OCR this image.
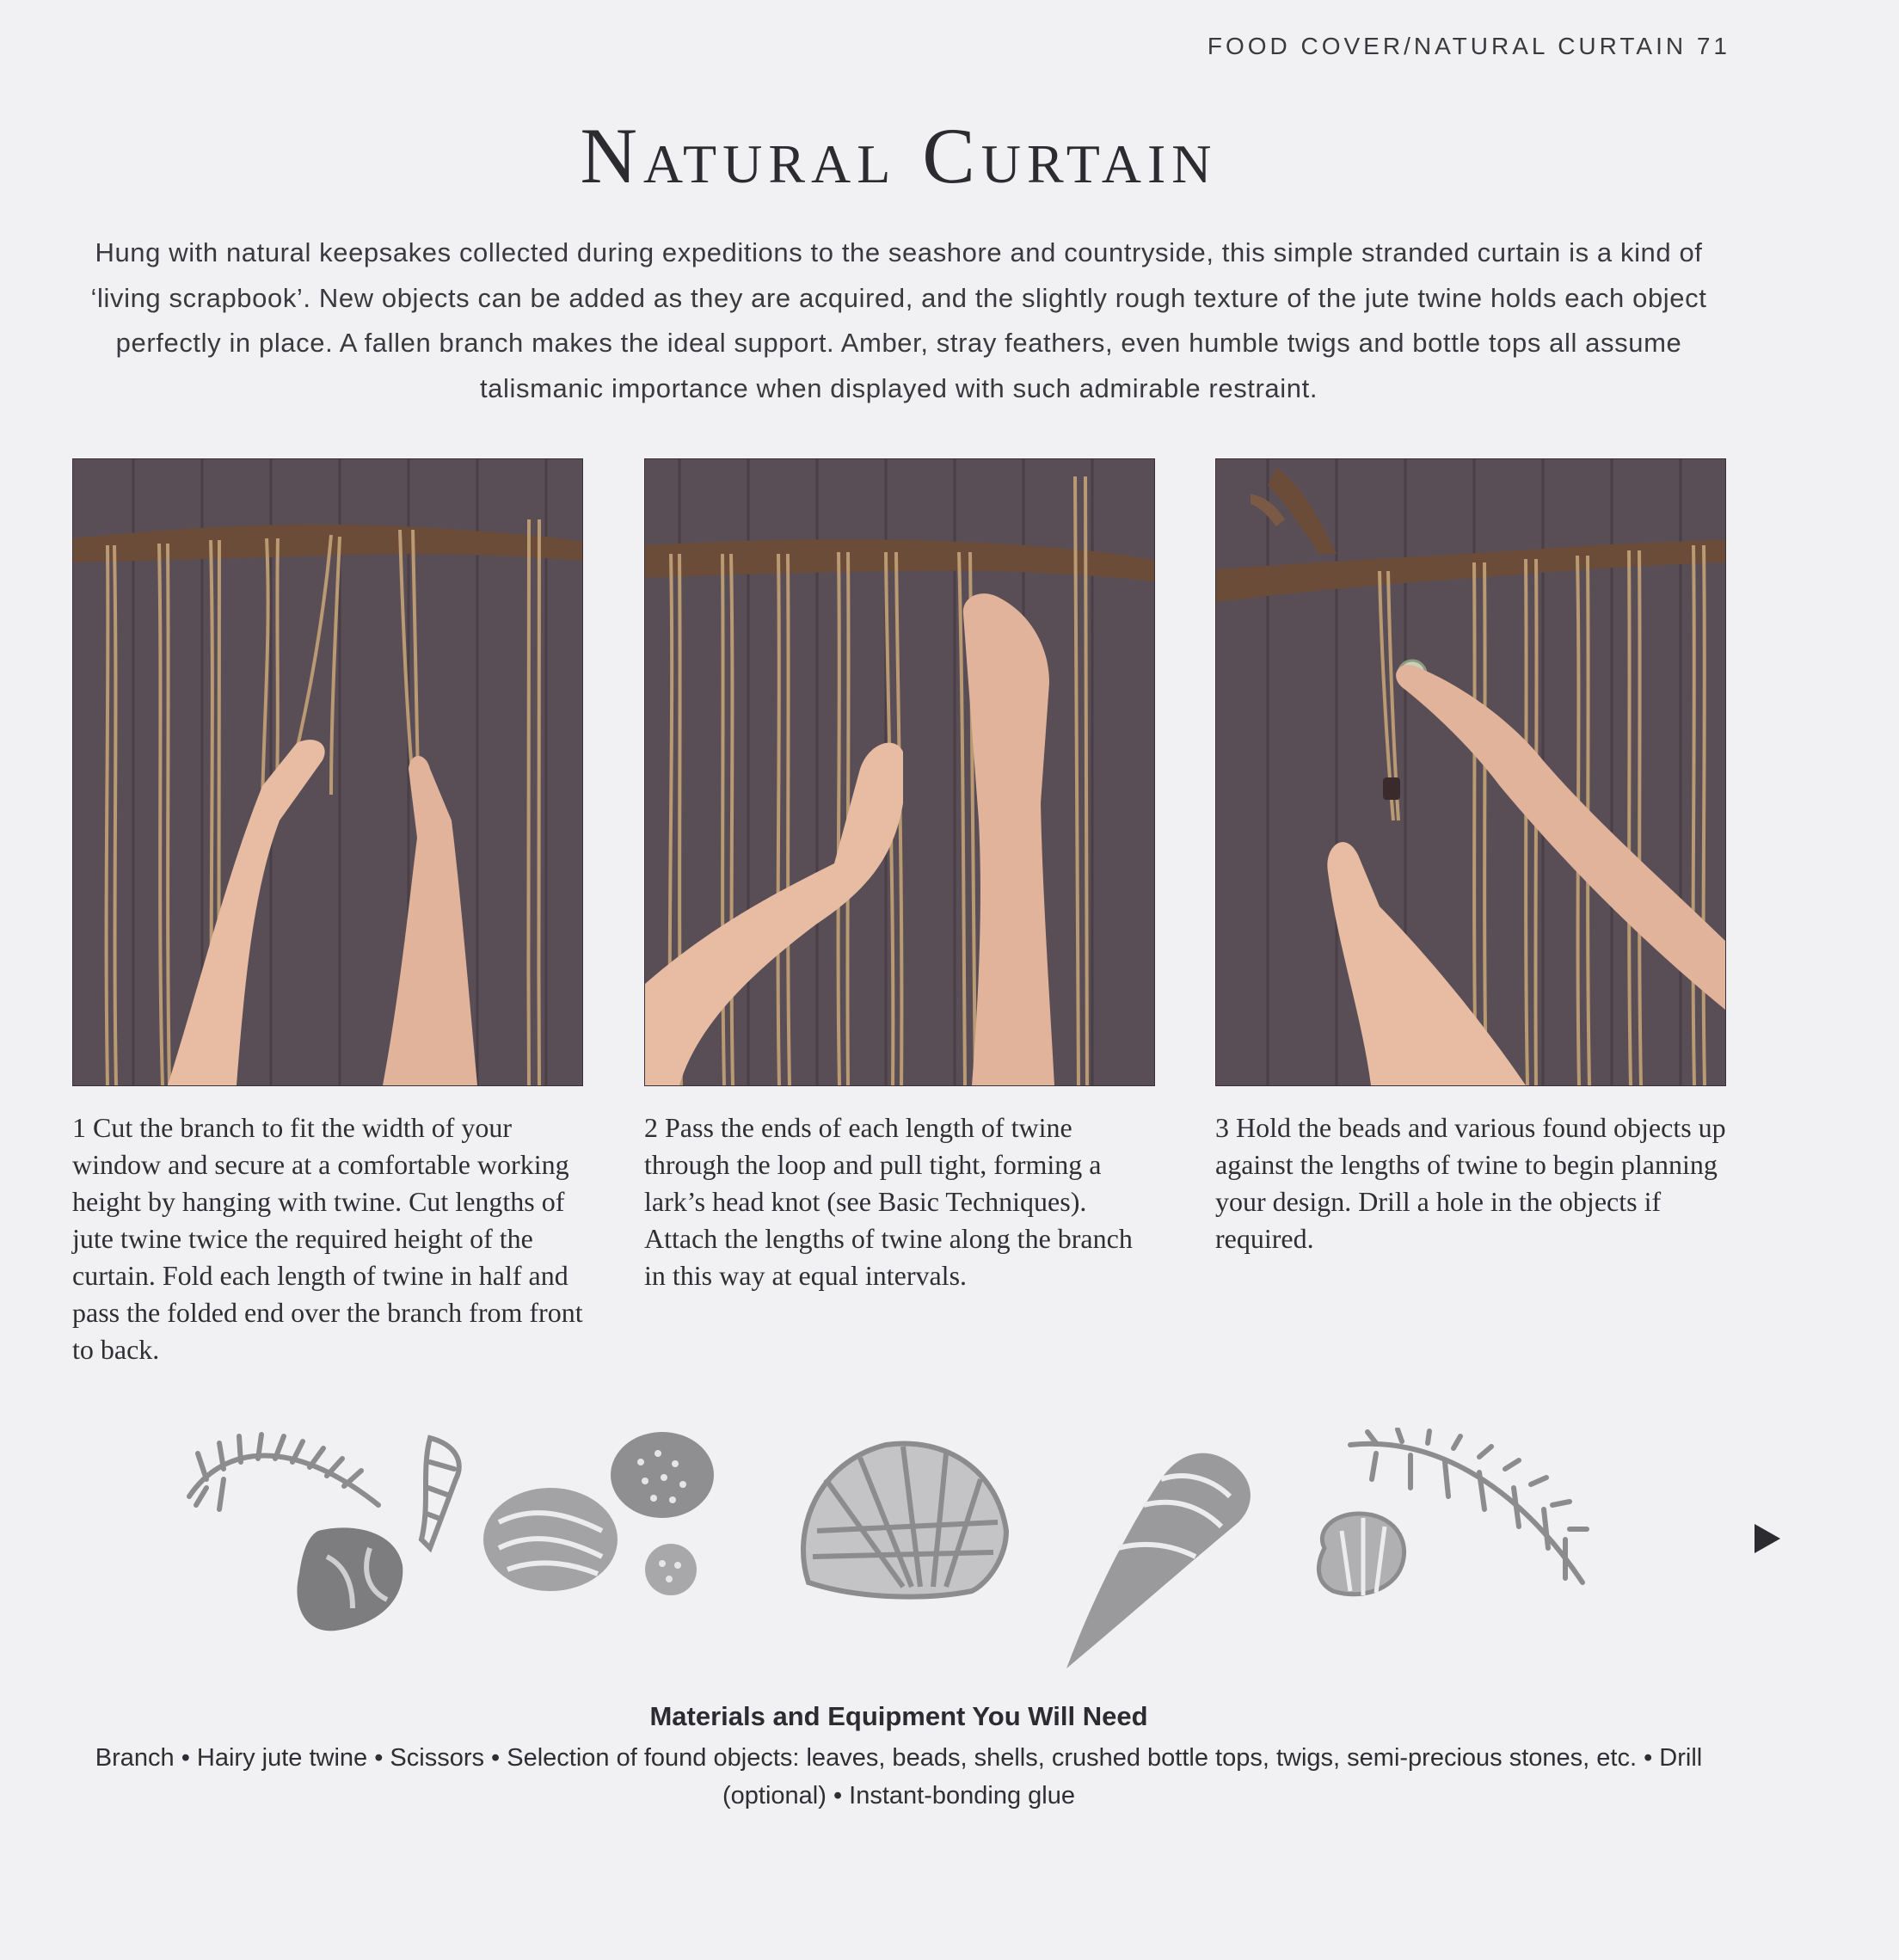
FOOD COVER/NATURAL CURTAIN 71
Natural Curtain
Hung with natural keepsakes collected during expeditions to the seashore and countryside, this simple stranded curtain is a kind of ‘living scrapbook’. New objects can be added as they are acquired, and the slightly rough texture of the jute twine holds each object perfectly in place. A fallen branch makes the ideal support. Amber, stray feathers, even humble twigs and bottle tops all assume talismanic importance when displayed with such admirable restraint.
1 Cut the branch to fit the width of your window and secure at a comfortable working height by hanging with twine. Cut lengths of jute twine twice the required height of the curtain. Fold each length of twine in half and pass the folded end over the branch from front to back.
2 Pass the ends of each length of twine through the loop and pull tight, forming a lark’s head knot (see Basic Techniques). Attach the lengths of twine along the branch in this way at equal intervals.
3 Hold the beads and various found objects up against the lengths of twine to begin planning your design. Drill a hole in the objects if required.
Materials and Equipment You Will Need
Branch • Hairy jute twine • Scissors • Selection of found objects: leaves, beads, shells, crushed bottle tops, twigs, semi-precious stones, etc. • Drill (optional) • Instant-bonding glue
